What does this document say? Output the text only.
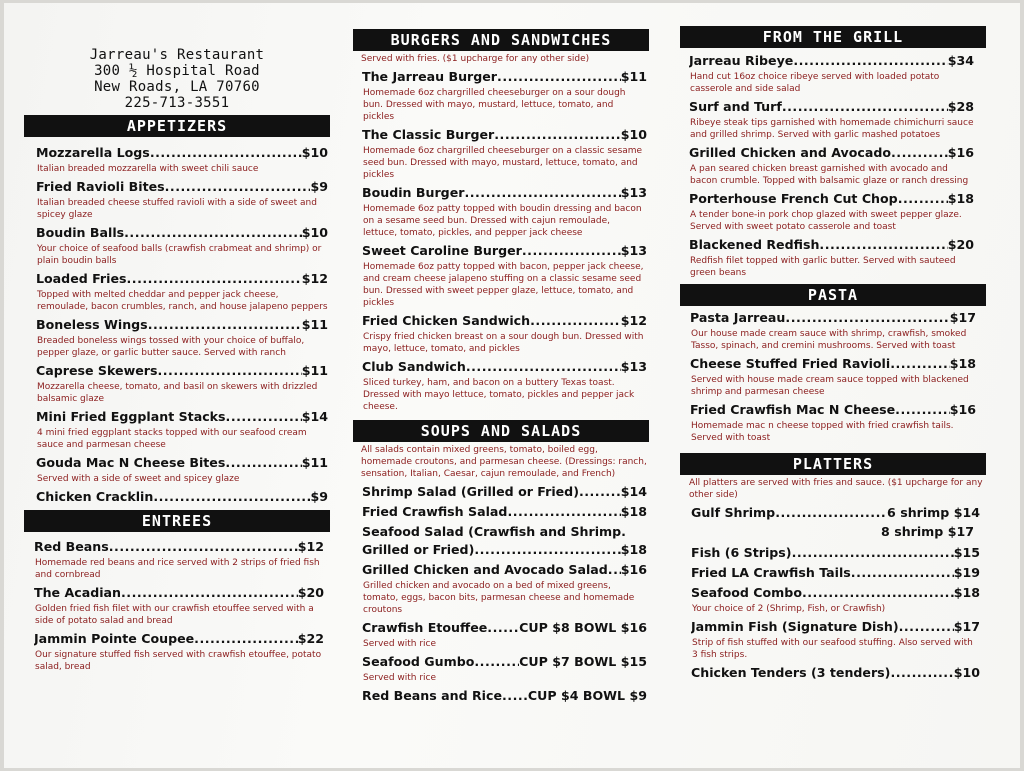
Jarreau's Restaurant
300 ½ Hospital Road
New Roads, LA 70760
225-713-3551
APPETIZERS
Mozzarella Logs .....	$10
Italian breaded mozzarella with sweet chili sauce
Fried Ravioli Bites .....	$9
Italian breaded cheese stuffed ravioli with a side of sweet and spicey glaze
Boudin Balls .....	$10
Your choice of seafood balls (crawfish crabmeat and shrimp) or plain boudin balls
Loaded Fries .....	$12
Topped with melted cheddar and pepper jack cheese, remoulade, bacon crumbles, ranch, and house jalapeno peppers
Boneless Wings .....	$11
Breaded boneless wings tossed with your choice of buffalo, pepper glaze, or garlic butter sauce. Served with ranch
Caprese Skewers .....	$11
Mozzarella cheese, tomato, and basil on skewers with drizzled balsamic glaze
Mini Fried Eggplant Stacks .....	$14
4 mini fried eggplant stacks topped with our seafood cream sauce and parmesan cheese
Gouda Mac N Cheese Bites .....	$11
Served with a side of sweet and spicey glaze
Chicken Cracklin .....	$9
ENTREES
Red Beans .....	$12
Homemade red beans and rice served with 2 strips of fried fish and cornbread
The Acadian .....	$20
Golden fried fish filet with our crawfish etouffee served with a side of potato salad and bread
Jammin Pointe Coupee .....	$22
Our signature stuffed fish served with crawfish etouffee, potato salad, bread
BURGERS AND SANDWICHES
Served with fries. ($1 upcharge for any other side)
The Jarreau Burger .....	$11
Homemade 6oz chargrilled cheeseburger on a sour dough bun. Dressed with mayo, mustard, lettuce, tomato, and pickles
The Classic Burger .....	$10
Homemade 6oz chargrilled cheeseburger on a classic sesame seed bun. Dressed with mayo, mustard, lettuce, tomato, and pickles
Boudin Burger .....	$13
Homemade 6oz patty topped with boudin dressing and bacon on a sesame seed bun. Dressed with cajun remoulade, lettuce, tomato, pickles, and pepper jack cheese
Sweet Caroline Burger .....	$13
Homemade 6oz patty topped with bacon, pepper jack cheese, and cream cheese jalapeno stuffing on a classic sesame seed bun. Dressed with sweet pepper glaze, lettuce, tomato, and pickles
Fried Chicken Sandwich .....	$12
Crispy fried chicken breast on a sour dough bun. Dressed with mayo, lettuce, tomato, and pickles
Club Sandwich .....	$13
Sliced turkey, ham, and bacon on a buttery Texas toast. Dressed with mayo lettuce, tomato, pickles and pepper jack cheese.
SOUPS AND SALADS
All salads contain mixed greens, tomato, boiled egg, homemade croutons, and parmesan cheese. (Dressings: ranch, sensation, Italian, Caesar, cajun remoulade, and French)
Shrimp Salad (Grilled or Fried) .....	$14
Fried Crawfish Salad .....	$18
Seafood Salad (Crawfish and Shrimp.
Grilled or Fried) .....	$18
Grilled Chicken and Avocado Salad ..... $16
Grilled chicken and avocado on a bed of mixed greens, tomato, eggs, bacon bits, parmesan cheese and homemade croutons
Crawfish Etouffee .....	CUP $8 BOWL $16
Served with rice
Seafood Gumbo .....	CUP $7 BOWL $15
Served with rice
Red Beans and Rice ..... .CUP $4 BOWL $9
FROM THE GRILL
Jarreau Ribeye .....	$34
Hand cut 16oz choice ribeye served with loaded potato casserole and side salad
Surf and Turf .....	$28
Ribeye steak tips garnished with homemade chimichurri sauce and grilled shrimp. Served with garlic mashed potatoes
Grilled Chicken and Avocado .....	$16
A pan seared chicken breast garnished with avocado and bacon crumble. Topped with balsamic glaze or ranch dressing
Porterhouse French Cut Chop .....	$18
A tender bone-in pork chop glazed with sweet pepper glaze. Served with sweet potato casserole and toast
Blackened Redfish .....	$20
Redfish filet topped with garlic butter. Served with sauteed green beans
PASTA
Pasta Jarreau .....	$17
Our house made cream sauce with shrimp, crawfish, smoked Tasso, spinach, and cremini mushrooms. Served with toast
Cheese Stuffed Fried Ravioli .....	$18
Served with house made cream sauce topped with blackened shrimp and parmesan cheese
Fried Crawfish Mac N Cheese .....	$16
Homemade mac n cheese topped with fried crawfish tails. Served with toast
PLATTERS
All platters are served with fries and sauce. ($1 upcharge for any other side)
Gulf Shrimp .....	6 shrimp $14
8 shrimp $17
Fish (6 Strips) .....	$15
Fried LA Crawfish Tails .....	$19
Seafood Combo .....	$18
Your choice of 2 (Shrimp, Fish, or Crawfish)
Jammin Fish (Signature Dish) .....	$17
Strip of fish stuffed with our seafood stuffing. Also served with 3 fish strips.
Chicken Tenders (3 tenders) .....	$10
